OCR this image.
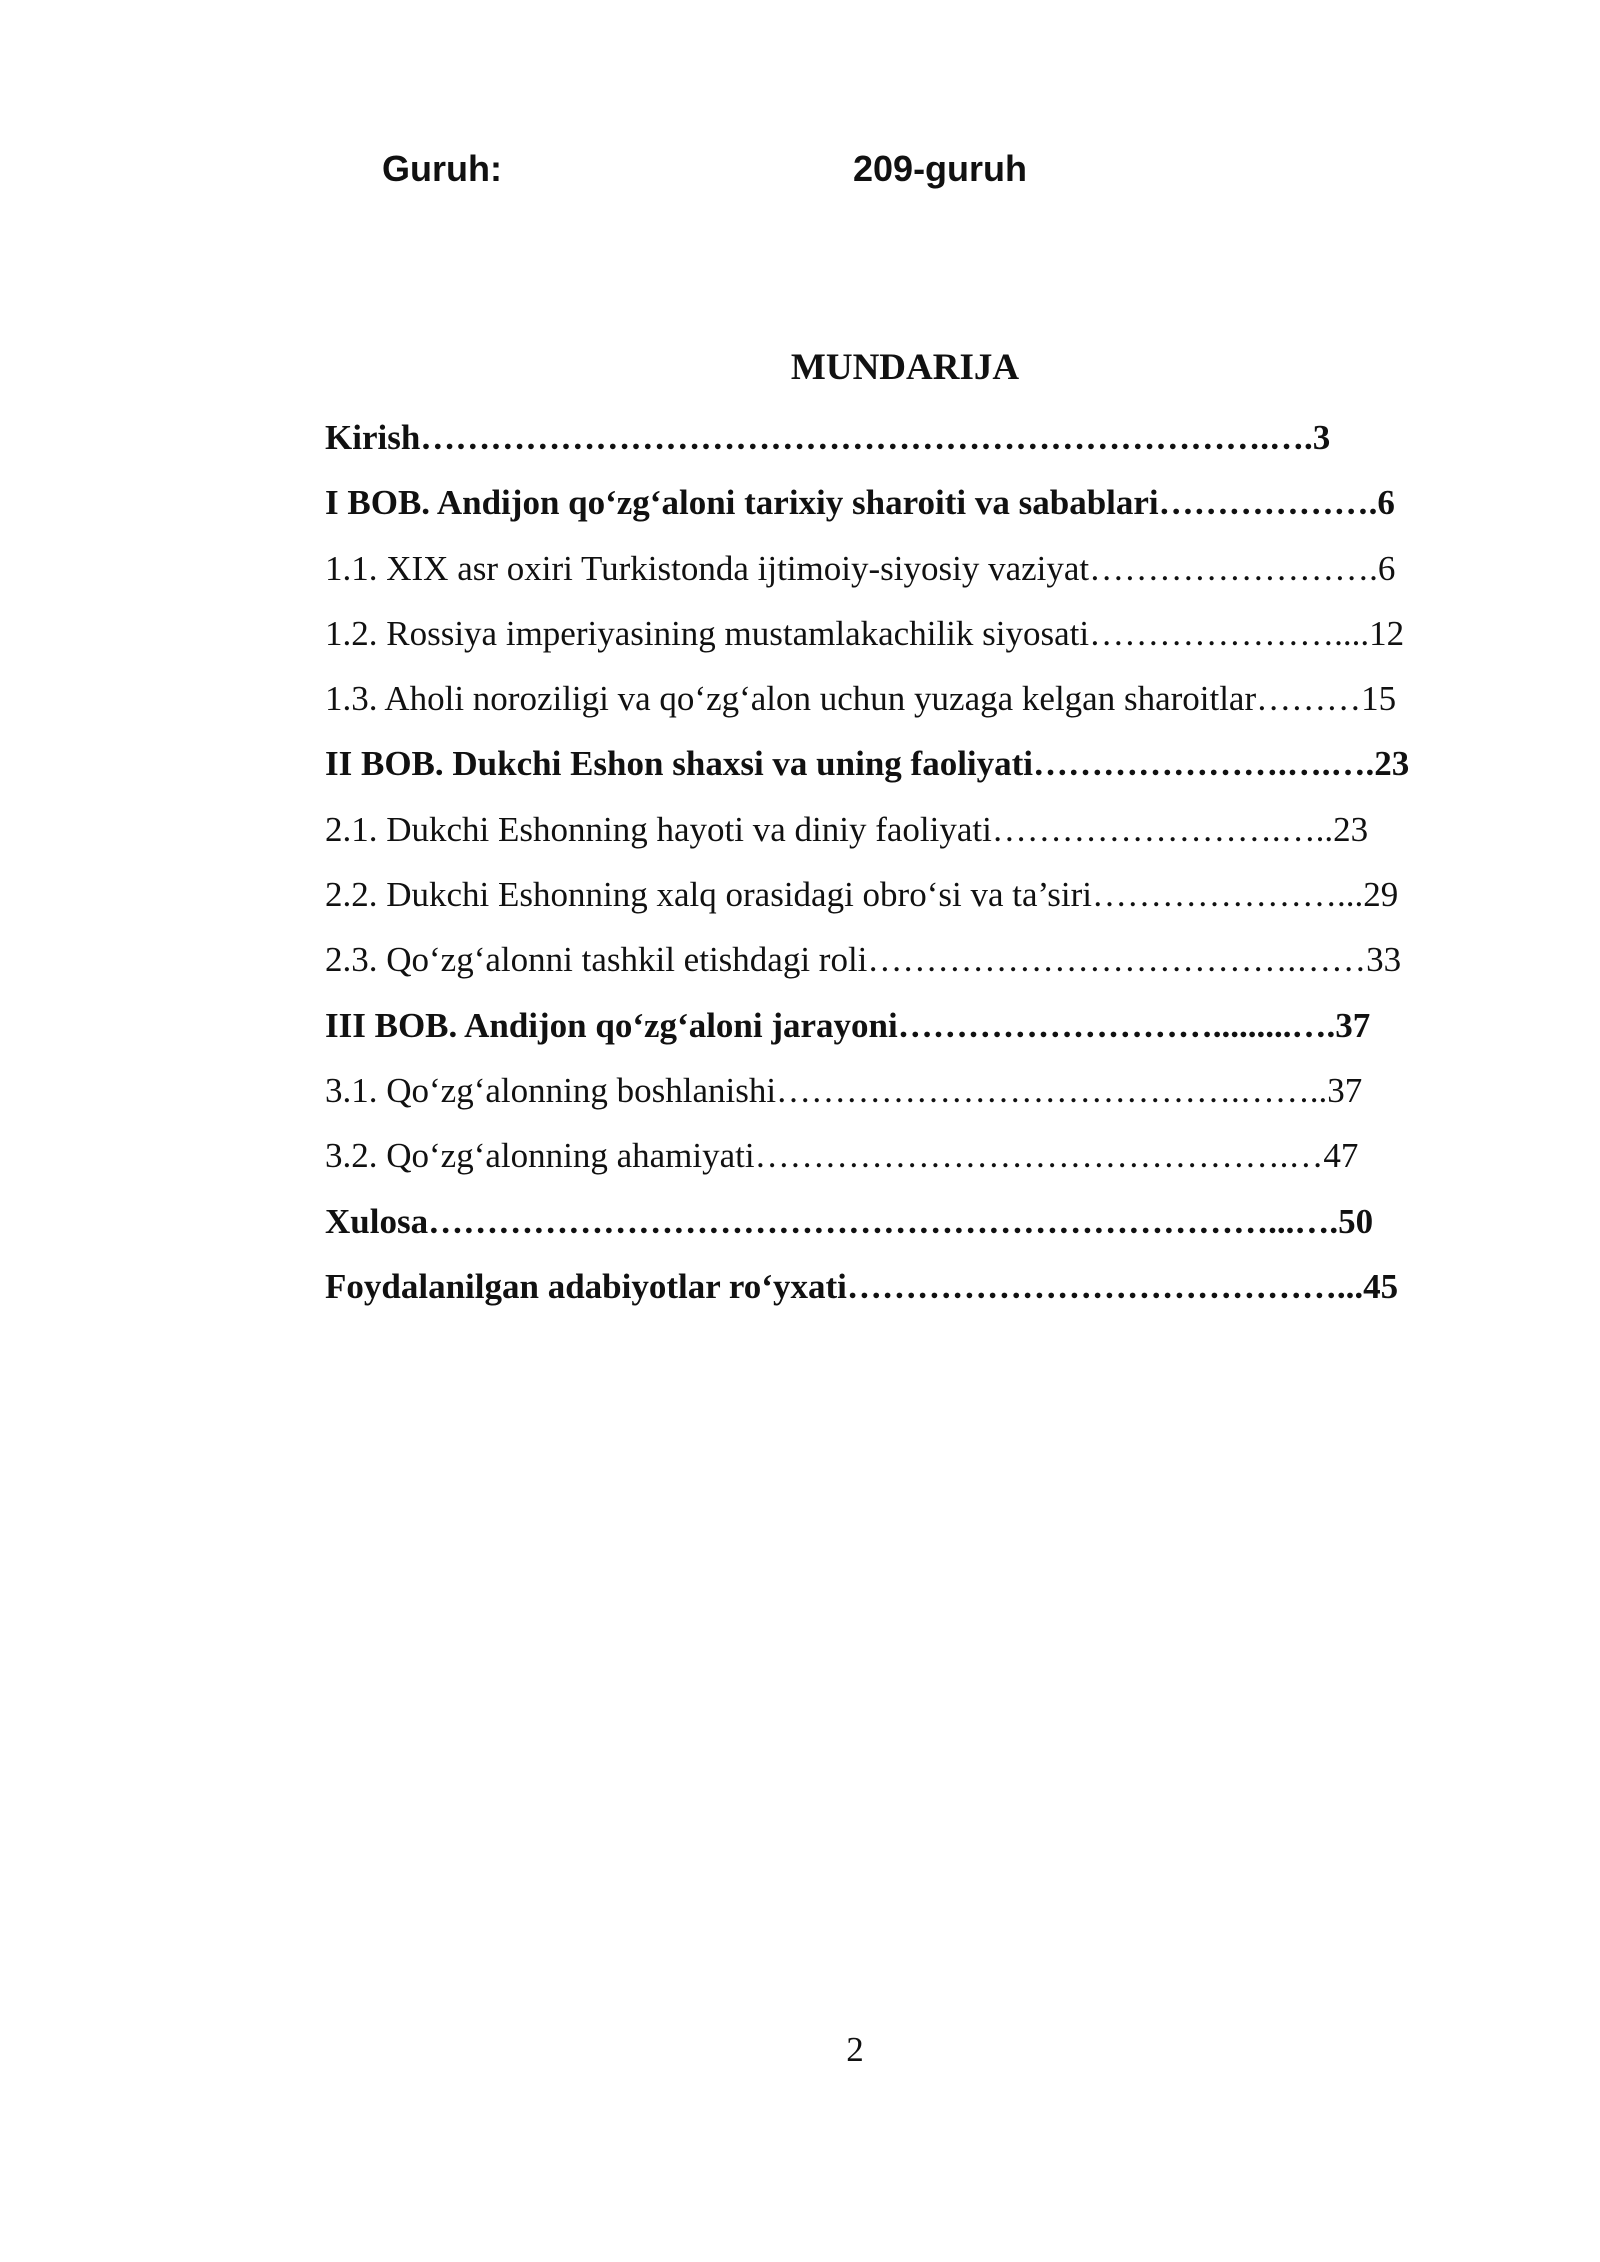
Guruh:	209-guruh
MUNDARIJA
Kirish……………………………………………………………….….3
I BOB. Andijon qo‘zg‘aloni tarixiy sharoiti va sabablari……………….6
1.1. XIX asr oxiri Turkistonda ijtimoiy-siyosiy vaziyat…………………….6
1.2. Rossiya imperiyasining mustamlakachilik siyosati…………………....12
1.3. Aholi noroziligi va qo‘zg‘alon uchun yuzaga kelgan sharoitlar………15
II BOB. Dukchi Eshon shaxsi va uning faoliyati………………….….….23
2.1. Dukchi Eshonning hayoti va diniy faoliyati…………………….…..23
2.2. Dukchi Eshonning xalq orasidagi obro‘si va ta’siri…………………...29
2.3. Qo‘zg‘alonni tashkil etishdagi roli……………………………….……33
III BOB. Andijon qo‘zg‘aloni jarayoni……………………….........….37
3.1. Qo‘zg‘alonning boshlanishi………………………………….……..37
3.2. Qo‘zg‘alonning ahamiyati……………………………………….…47
Xulosa………………………………………………………………...….50
Foydalanilgan adabiyotlar ro‘yxati……………………………………...45
2
